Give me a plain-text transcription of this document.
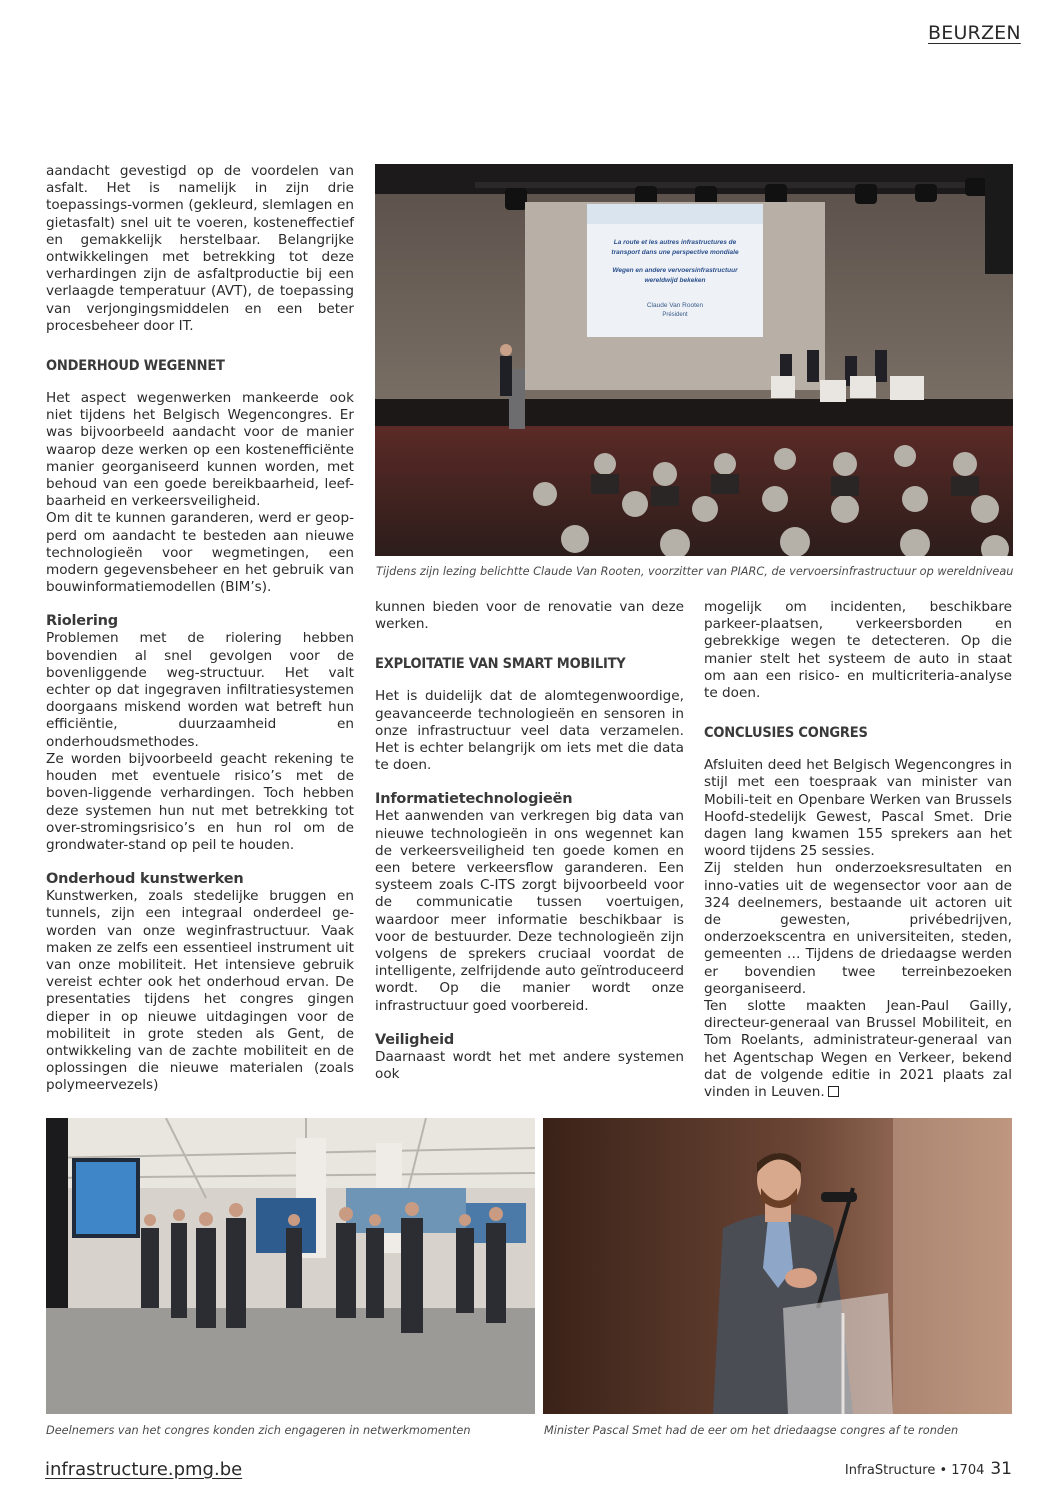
BEURZEN

aandacht gevestigd op de voordelen van asfalt. Het is namelijk in zijn drie toepassings-vormen (gekleurd, slemlagen en gietasfalt) snel uit te voeren, kosteneffectief en gemakkelijk herstelbaar. Belangrijke ontwikkelingen met betrekking tot deze verhardingen zijn de asfaltproductie bij een verlaagde temperatuur (AVT), de toepassing van verjongingsmiddelen en een beter procesbeheer door IT.

ONDERHOUD WEGENNET

Het aspect wegenwerken mankeerde ook niet tijdens het Belgisch Wegencongres. Er was bijvoorbeeld aandacht voor de manier waarop deze werken op een kostenefficiënte manier georganiseerd kunnen worden, met behoud van een goede bereikbaarheid, leef-baarheid en verkeersveiligheid.

Om dit te kunnen garanderen, werd er geop-perd om aandacht te besteden aan nieuwe technologieën voor wegmetingen, een modern gegevensbeheer en het gebruik van bouwinformatiemodellen (BIM’s).

Riolering

Problemen met de riolering hebben bovendien al snel gevolgen voor de bovenliggende weg-structuur. Het valt echter op dat ingegraven infiltratiesystemen doorgaans miskend worden wat betreft hun efficiëntie, duurzaamheid en onderhoudsmethodes.

Ze worden bijvoorbeeld geacht rekening te houden met eventuele risico’s met de boven-liggende verhardingen. Toch hebben deze systemen hun nut met betrekking tot over-stromingsrisico’s en hun rol om de grondwater-stand op peil te houden.

Onderhoud kunstwerken

Kunstwerken, zoals stedelijke bruggen en tunnels, zijn een integraal onderdeel ge-worden van onze weginfrastructuur. Vaak maken ze zelfs een essentieel instrument uit van onze mobiliteit. Het intensieve gebruik vereist echter ook het onderhoud ervan. De presentaties tijdens het congres gingen dieper in op nieuwe uitdagingen voor de mobiliteit in grote steden als Gent, de ontwikkeling van de zachte mobiliteit en de oplossingen die nieuwe materialen (zoals polymeervezels)

La route et les autres infrastructures de
transport dans une perspective mondiale
Wegen en andere vervoersinfrastructuur
wereldwijd bekeken
Claude Van Rooten
Président
Tijdens zijn lezing belichtte Claude Van Rooten, voorzitter van PIARC, de vervoersinfrastructuur op wereldniveau

kunnen bieden voor de renovatie van deze werken.

EXPLOITATIE VAN SMART MOBILITY

Het is duidelijk dat de alomtegenwoordige, geavanceerde technologieën en sensoren in onze infrastructuur veel data verzamelen. Het is echter belangrijk om iets met die data te doen.

Informatietechnologieën

Het aanwenden van verkregen big data van nieuwe technologieën in ons wegennet kan de verkeersveiligheid ten goede komen en een betere verkeersflow garanderen. Een systeem zoals C-ITS zorgt bijvoorbeeld voor de communicatie tussen voertuigen, waardoor meer informatie beschikbaar is voor de bestuurder. Deze technologieën zijn volgens de sprekers cruciaal voordat de intelligente, zelfrijdende auto geïntroduceerd wordt. Op die manier wordt onze infrastructuur goed voorbereid.

Veiligheid

Daarnaast wordt het met andere systemen ook

mogelijk om incidenten, beschikbare parkeer-plaatsen, verkeersborden en gebrekkige wegen te detecteren. Op die manier stelt het systeem de auto in staat om aan een risico- en multicriteria-analyse te doen.

CONCLUSIES CONGRES

Afsluiten deed het Belgisch Wegencongres in stijl met een toespraak van minister van Mobili-teit en Openbare Werken van Brussels Hoofd-stedelijk Gewest, Pascal Smet. Drie dagen lang kwamen 155 sprekers aan het woord tijdens 25 sessies.

Zij stelden hun onderzoeksresultaten en inno-vaties uit de wegensector voor aan de 324 deelnemers, bestaande uit actoren uit de gewesten, privébedrijven, onderzoekscentra en universiteiten, steden, gemeenten … Tijdens de driedaagse werden er bovendien twee terreinbezoeken georganiseerd.

Ten slotte maakten Jean-Paul Gailly, directeur-generaal van Brussel Mobiliteit, en Tom Roelants, administrateur-generaal van het Agentschap Wegen en Verkeer, bekend dat de volgende editie in 2021 plaats zal vinden in Leuven.

Deelnemers van het congres konden zich engageren in netwerkmomenten	Minister Pascal Smet had de eer om het driedaagse congres af te ronden
infrastructure.pmg.be	InfraStructure • 1704 31
